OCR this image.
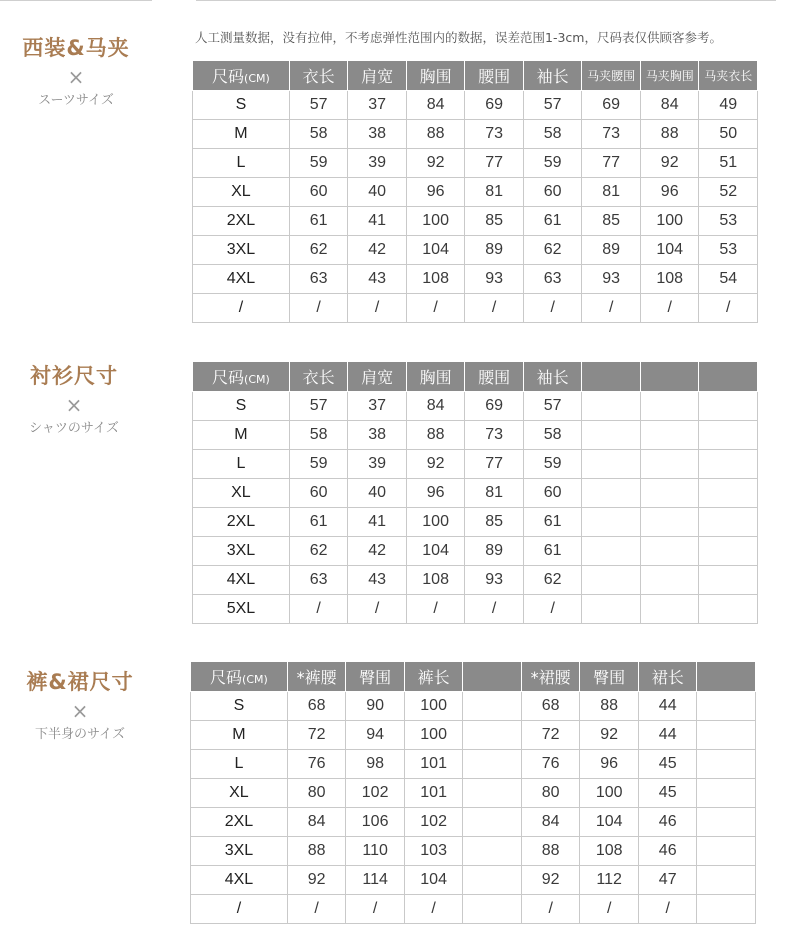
人工测量数据，没有拉伸，不考虑弹性范围内的数据，误差范围1-3cm，尺码表仅供顾客参考。
西装&马夹
×
スーツサイズ
尺码(CM)	衣长	肩宽	胸围	腰围	袖长	马夹腰围	马夹胸围	马夹衣长
S	57	37	84	69	57	69	84	49
M	58	38	88	73	58	73	88	50
L	59	39	92	77	59	77	92	51
XL	60	40	96	81	60	81	96	52
2XL	61	41	100	85	61	85	100	53
3XL	62	42	104	89	62	89	104	53
4XL	63	43	108	93	63	93	108	54
/	/	/	/	/	/	/	/	/
衬衫尺寸
×
シャツのサイズ
尺码(CM)	衣长	肩宽	胸围	腰围	袖长			
S	57	37	84	69	57			
M	58	38	88	73	58			
L	59	39	92	77	59			
XL	60	40	96	81	60			
2XL	61	41	100	85	61			
3XL	62	42	104	89	61			
4XL	63	43	108	93	62			
5XL	/	/	/	/	/			
裤&裙尺寸
×
下半身のサイズ
尺码(CM)	*裤腰	臀围	裤长		*裙腰	臀围	裙长	
S	68	90	100		68	88	44	
M	72	94	100		72	92	44	
L	76	98	101		76	96	45	
XL	80	102	101		80	100	45	
2XL	84	106	102		84	104	46	
3XL	88	110	103		88	108	46	
4XL	92	114	104		92	112	47	
/	/	/	/		/	/	/	
